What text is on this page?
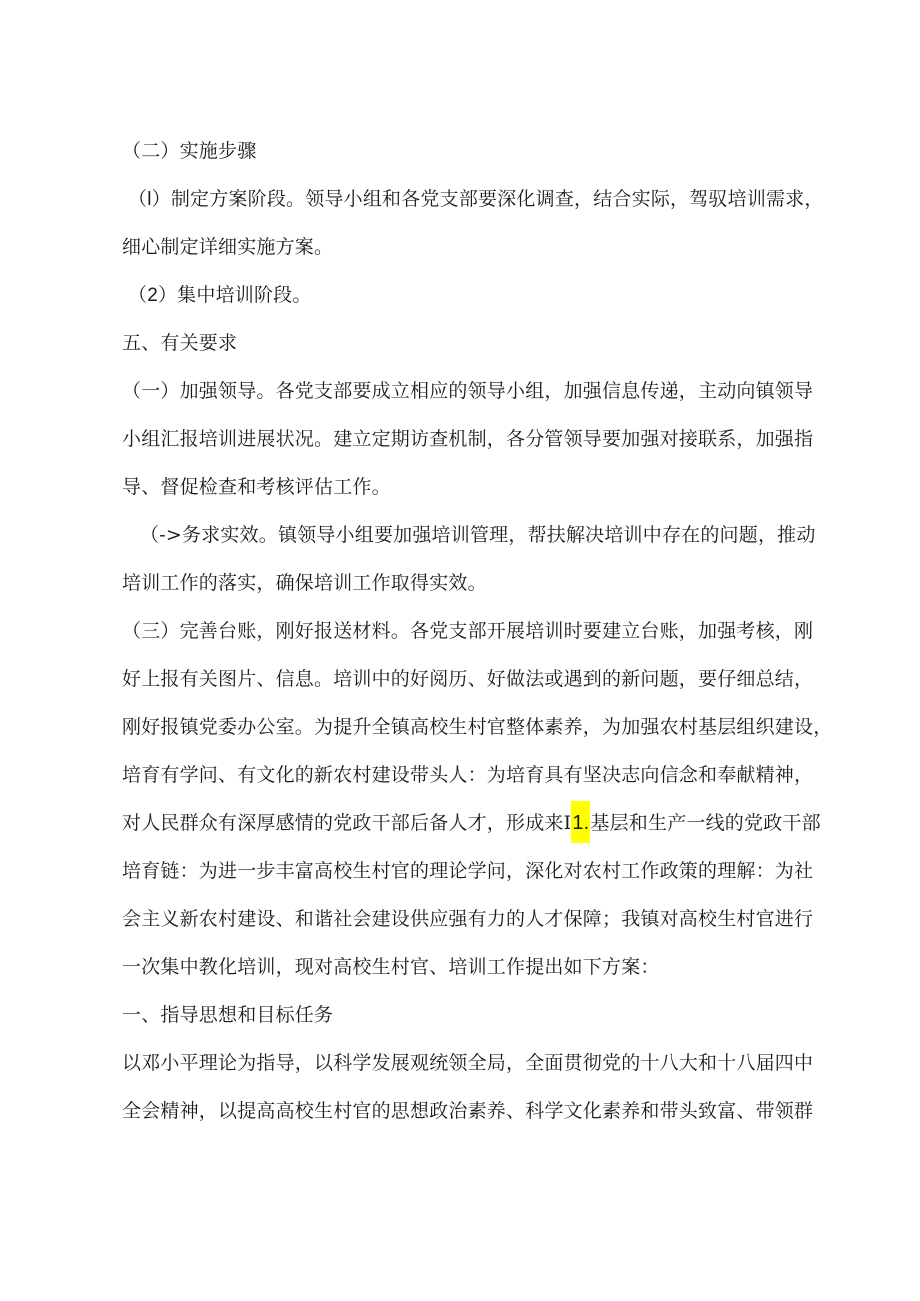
（二）实施步骤
（l）制定方案阶段。领导小组和各党支部要深化调查，结合实际，驾驭培训需求，
细心制定详细实施方案。
（2）集中培训阶段。
五、有关要求
（一）加强领导。各党支部要成立相应的领导小组，加强信息传递，主动向镇领导
小组汇报培训进展状况。建立定期访查机制，各分管领导要加强对接联系，加强指
导、督促检查和考核评估工作。
（->务求实效。镇领导小组要加强培训管理，帮扶解决培训中存在的问题，推动
培训工作的落实，确保培训工作取得实效。
（三）完善台账，刚好报送材料。各党支部开展培训时要建立台账，加强考核，刚
好上报有关图片、信息。培训中的好阅历、好做法或遇到的新问题，要仔细总结，
刚好报镇党委办公室。为提升全镇高校生村官整体素养，为加强农村基层组织建设，
培育有学问、有文化的新农村建设带头人：为培育具有坚决志向信念和奉献精神，
对人民群众有深厚感情的党政干部后备人才，形成来I1.基层和生产一线的党政干部
培育链：为进一步丰富高校生村官的理论学问，深化对农村工作政策的理解：为社
会主义新农村建设、和谐社会建设供应强有力的人才保障；我镇对高校生村官进行
一次集中教化培训，现对高校生村官、培训工作提出如下方案：
一、指导思想和目标任务
以邓小平理论为指导，以科学发展观统领全局，全面贯彻党的十八大和十八届四中
全会精神，以提高高校生村官的思想政治素养、科学文化素养和带头致富、带领群
